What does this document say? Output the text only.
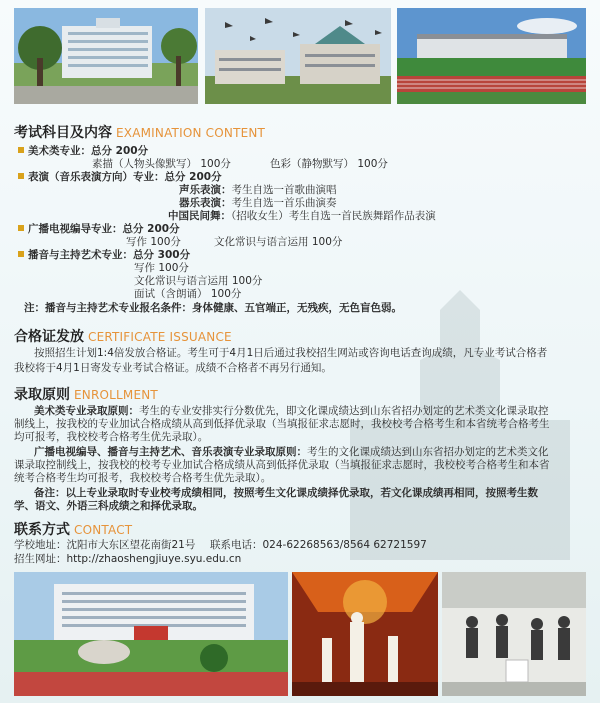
考试科目及内容 EXAMINATION CONTENT
美术类专业：总分 200分
素描（人物头像默写） 100分	色彩（静物默写） 100分
表演（音乐表演方向）专业：总分 200分
声乐表演：考生自选一首歌曲演唱
器乐表演：考生自选一首乐曲演奏
中国民间舞：（招收女生）考生自选一首民族舞蹈作品表演
广播电视编导专业：总分 200分
写作 100分	文化常识与语言运用 100分
播音与主持艺术专业：总分 300分
写作 100分
文化常识与语言运用 100分
面试（含朗诵） 100分
注：播音与主持艺术专业报名条件：身体健康、五官端正，无残疾，无色盲色弱。
合格证发放 CERTIFICATE ISSUANCE
按照招生计划1:4倍发放合格证。考生可于4月1日后通过我校招生网站或咨询电话查询成绩，凡专业考试合格者
我校将于4月1日寄发专业考试合格证。成绩不合格者不再另行通知。
录取原则 ENROLLMENT
美术类专业录取原则：考生的专业安排实行分数优先，即文化课成绩达到山东省招办划定的艺术类文化课录取控
制线上，按我校的专业加试合格成绩从高到低择优录取（当填报征求志愿时，我校校考合格考生和本省统考合格考生
均可报考，我校校考合格考生优先录取）。
广播电视编导、播音与主持艺术、音乐表演专业录取原则：考生的文化课成绩达到山东省招办划定的艺术类文化
课录取控制线上，按我校的校考专业加试合格成绩从高到低择优录取（当填报征求志愿时，我校校考合格考生和本省
统考合格考生均可报考，我校校考合格考生优先录取）。
备注：以上专业录取时专业校考成绩相同，按照考生文化课成绩择优录取，若文化课成绩再相同，按照考生数
学、语文、外语三科成绩之和择优录取。
联系方式 CONTACT
学校地址：沈阳市大东区望花南街21号 联系电话：024-62268563/8564 62721597
招生网址：http://zhaoshengjiuye.syu.edu.cn
